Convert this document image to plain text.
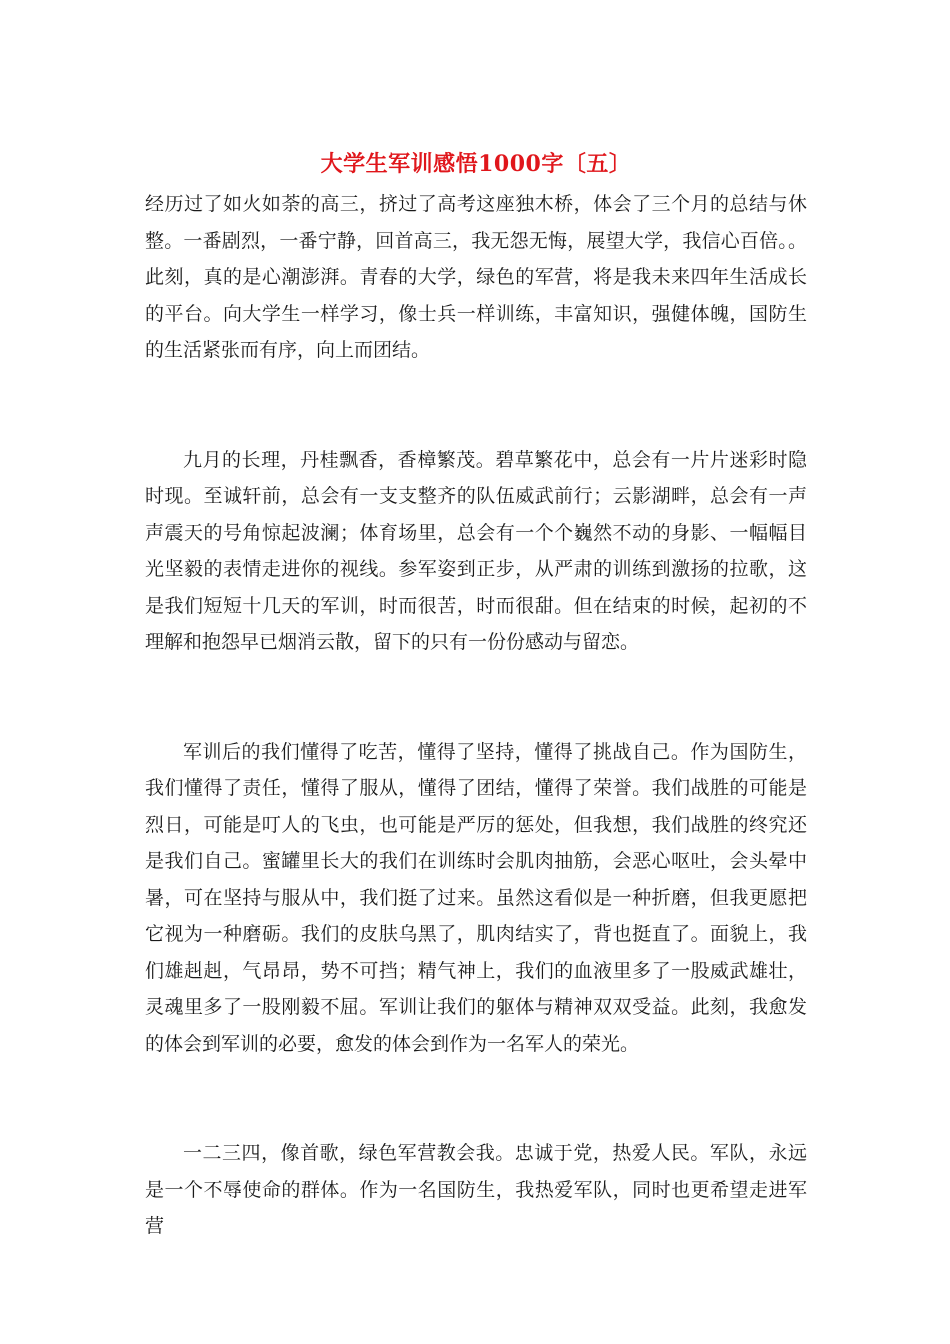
大学生军训感悟1000字〔五〕

经历过了如火如荼的高三，挤过了高考这座独木桥，体会了三个月的总结与休整。一番剧烈，一番宁静，回首高三，我无怨无悔，展望大学，我信心百倍。。此刻，真的是心潮澎湃。青春的大学，绿色的军营，将是我未来四年生活成长的平台。向大学生一样学习，像士兵一样训练，丰富知识，强健体魄，国防生的生活紧张而有序，向上而团结。

九月的长理，丹桂飘香，香樟繁茂。碧草繁花中，总会有一片片迷彩时隐时现。至诚轩前，总会有一支支整齐的队伍威武前行；云影湖畔，总会有一声声震天的号角惊起波澜；体育场里，总会有一个个巍然不动的身影、一幅幅目光坚毅的表情走进你的视线。参军姿到正步，从严肃的训练到激扬的拉歌，这是我们短短十几天的军训，时而很苦，时而很甜。但在结束的时候，起初的不理解和抱怨早已烟消云散，留下的只有一份份感动与留恋。

军训后的我们懂得了吃苦，懂得了坚持，懂得了挑战自己。作为国防生，我们懂得了责任，懂得了服从，懂得了团结，懂得了荣誉。我们战胜的可能是烈日，可能是叮人的飞虫，也可能是严厉的惩处，但我想，我们战胜的终究还是我们自己。蜜罐里长大的我们在训练时会肌肉抽筋，会恶心呕吐，会头晕中暑，可在坚持与服从中，我们挺了过来。虽然这看似是一种折磨，但我更愿把它视为一种磨砺。我们的皮肤乌黑了，肌肉结实了，背也挺直了。面貌上，我们雄赳赳，气昂昂，势不可挡；精气神上，我们的血液里多了一股威武雄壮，灵魂里多了一股刚毅不屈。军训让我们的躯体与精神双双受益。此刻，我愈发的体会到军训的必要，愈发的体会到作为一名军人的荣光。

一二三四，像首歌，绿色军营教会我。忠诚于党，热爱人民。军队，永远是一个不辱使命的群体。作为一名国防生，我热爱军队，同时也更希望走进军营
